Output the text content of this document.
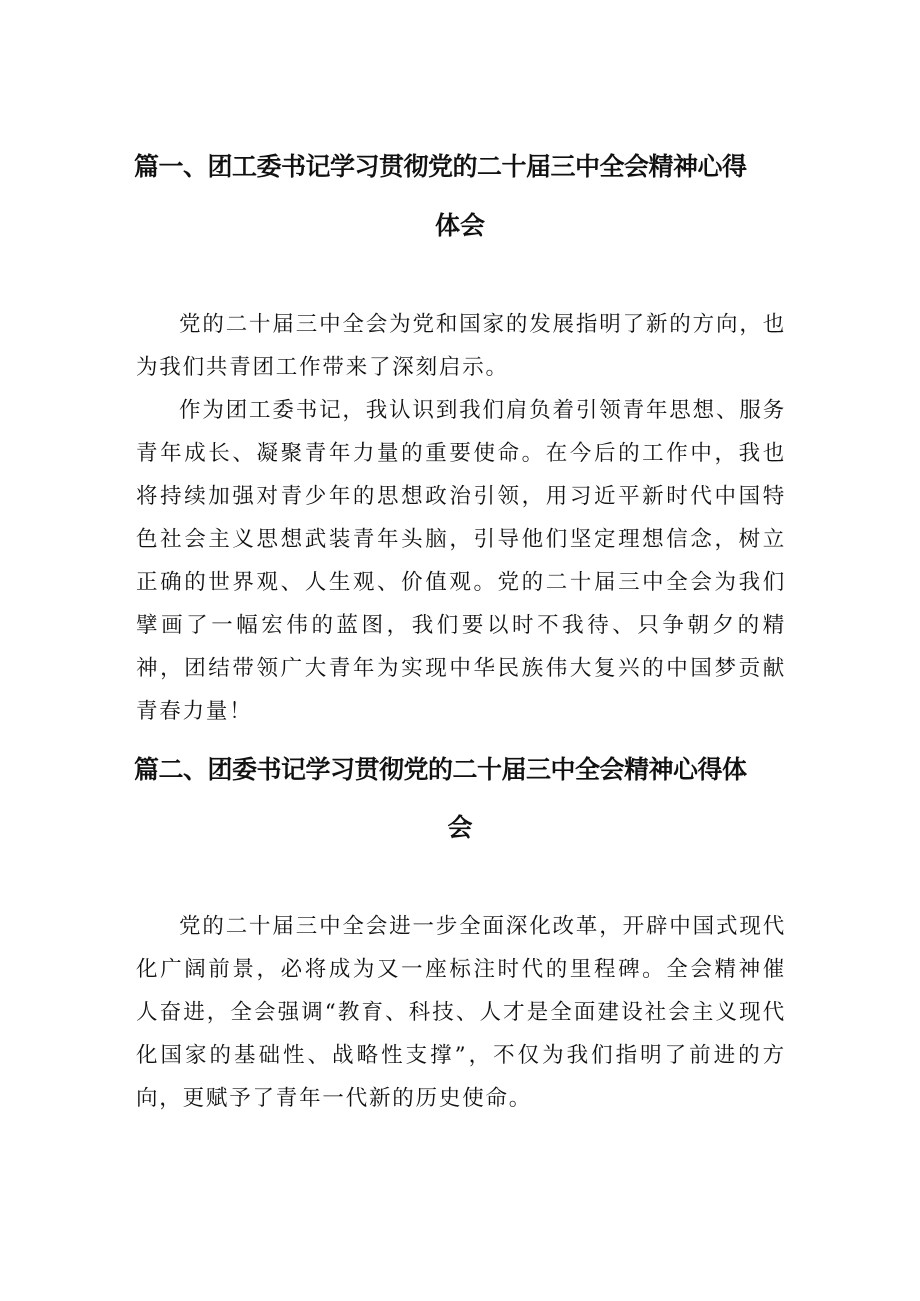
篇一、团工委书记学习贯彻党的二十届三中全会精神心得
体会

党的二十届三中全会为党和国家的发展指明了新的方向，也为我们共青团工作带来了深刻启示。

作为团工委书记，我认识到我们肩负着引领青年思想、服务青年成长、凝聚青年力量的重要使命。在今后的工作中，我也将持续加强对青少年的思想政治引领，用习近平新时代中国特色社会主义思想武装青年头脑，引导他们坚定理想信念，树立正确的世界观、人生观、价值观。党的二十届三中全会为我们擘画了一幅宏伟的蓝图，我们要以时不我待、只争朝夕的精神，团结带领广大青年为实现中华民族伟大复兴的中国梦贡献青春力量！

篇二、团委书记学习贯彻党的二十届三中全会精神心得体
会

党的二十届三中全会进一步全面深化改革，开辟中国式现代化广阔前景，必将成为又一座标注时代的里程碑。全会精神催人奋进，全会强调“教育、科技、人才是全面建设社会主义现代化国家的基础性、战略性支撑”，不仅为我们指明了前进的方向，更赋予了青年一代新的历史使命。
